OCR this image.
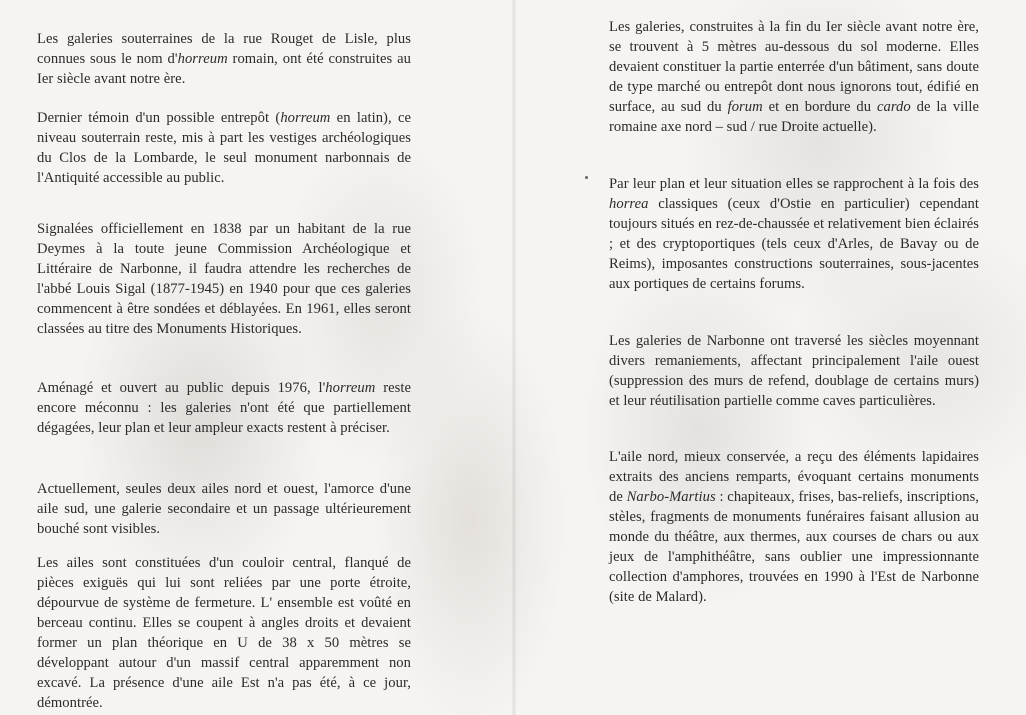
Les galeries souterraines de la rue Rouget de Lisle, plus connues sous le nom d'horreum romain, ont été construites au Ier siècle avant notre ère.

Dernier témoin d'un possible entrepôt (horreum en latin), ce niveau souterrain reste, mis à part les vestiges archéologiques du Clos de la Lombarde, le seul monument narbonnais de l'Antiquité accessible au public.

Signalées officiellement en 1838 par un habitant de la rue Deymes à la toute jeune Commission Archéologique et Littéraire de Narbonne, il faudra attendre les recherches de l'abbé Louis Sigal (1877-1945) en 1940 pour que ces galeries commencent à être sondées et déblayées. En 1961, elles seront classées au titre des Monuments Historiques.

Aménagé et ouvert au public depuis 1976, l'horreum reste encore méconnu : les galeries n'ont été que partiellement dégagées, leur plan et leur ampleur exacts restent à préciser.

Actuellement, seules deux ailes nord et ouest, l'amorce d'une aile sud, une galerie secondaire et un passage ultérieurement bouché sont visibles.

Les ailes sont constituées d'un couloir central, flanqué de pièces exiguës qui lui sont reliées par une porte étroite, dépourvue de système de fermeture. L' ensemble est voûté en berceau continu. Elles se coupent à angles droits et devaient former un plan théorique en U de 38 x 50 mètres se développant autour d'un massif central apparemment non excavé. La présence d'une aile Est n'a pas été, à ce jour, démontrée.

Les galeries, construites à la fin du Ier siècle avant notre ère, se trouvent à 5 mètres au-dessous du sol moderne. Elles devaient constituer la partie enterrée d'un bâtiment, sans doute de type marché ou entrepôt dont nous ignorons tout, édifié en surface, au sud du forum et en bordure du cardo de la ville romaine axe nord – sud / rue Droite actuelle).

Par leur plan et leur situation elles se rapprochent à la fois des horrea classiques (ceux d'Ostie en particulier) cependant toujours situés en rez-de-chaussée et relativement bien éclairés ; et des cryptoportiques (tels ceux d'Arles, de Bavay ou de Reims), imposantes constructions souterraines, sous-jacentes aux portiques de certains forums.

Les galeries de Narbonne ont traversé les siècles moyennant divers remaniements, affectant principalement l'aile ouest (suppression des murs de refend, doublage de certains murs) et leur réutilisation partielle comme caves particulières.

L'aile nord, mieux conservée, a reçu des éléments lapidaires extraits des anciens remparts, évoquant certains monuments de Narbo-Martius : chapiteaux, frises, bas-reliefs, inscriptions, stèles, fragments de monuments funéraires faisant allusion au monde du théâtre, aux thermes, aux courses de chars ou aux jeux de l'amphithéâtre, sans oublier une impressionnante collection d'amphores, trouvées en 1990 à l'Est de Narbonne (site de Malard).
